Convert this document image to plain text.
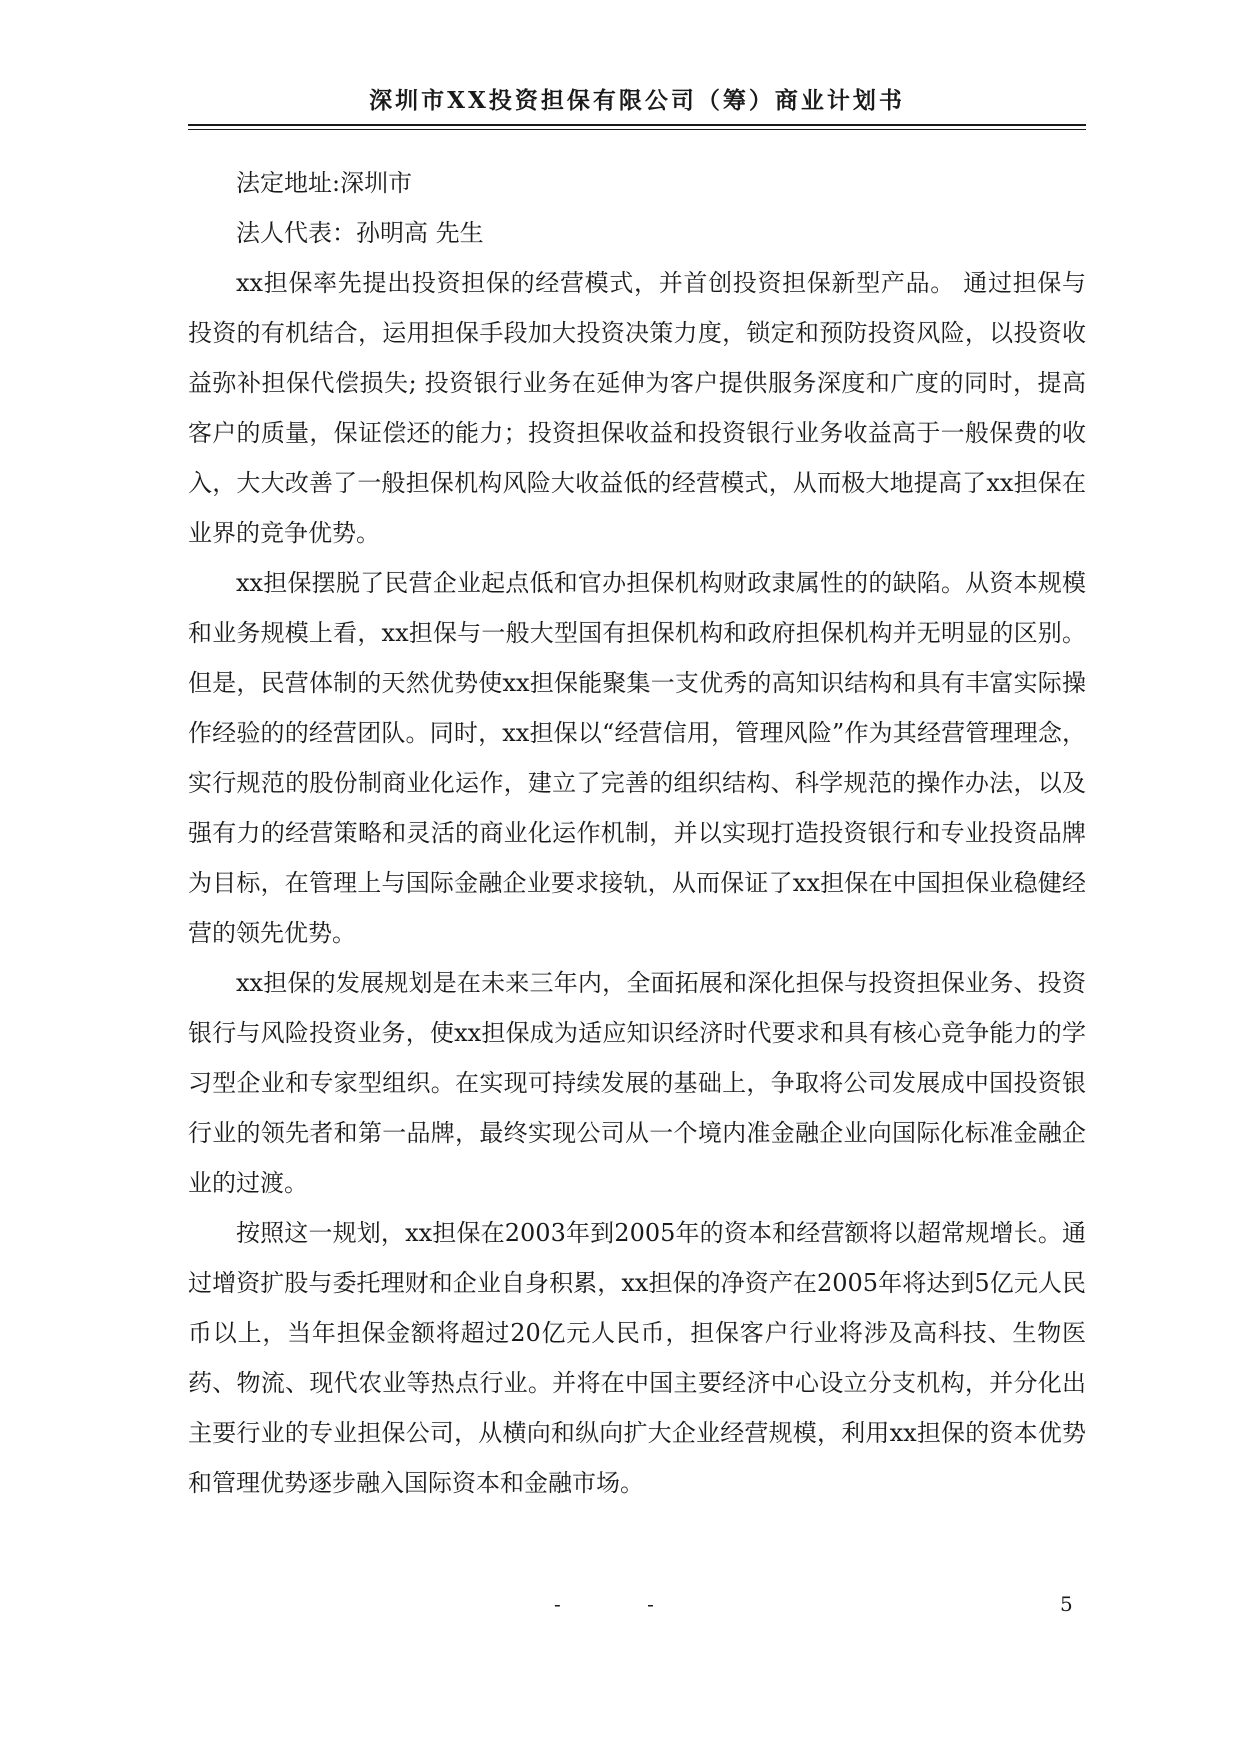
深圳市XX投资担保有限公司（筹）商业计划书

法定地址:深圳市

法人代表：孙明高 先生

xx担保率先提出投资担保的经营模式，并首创投资担保新型产品。 通过担保与投资的有机结合，运用担保手段加大投资决策力度，锁定和预防投资风险，以投资收益弥补担保代偿损失; 投资银行业务在延伸为客户提供服务深度和广度的同时，提高客户的质量，保证偿还的能力；投资担保收益和投资银行业务收益高于一般保费的收入，大大改善了一般担保机构风险大收益低的经营模式，从而极大地提高了xx担保在业界的竞争优势。

xx担保摆脱了民营企业起点低和官办担保机构财政隶属性的的缺陷。从资本规模和业务规模上看，xx担保与一般大型国有担保机构和政府担保机构并无明显的区别。但是，民营体制的天然优势使xx担保能聚集一支优秀的高知识结构和具有丰富实际操作经验的的经营团队。同时，xx担保以“经营信用，管理风险”作为其经营管理理念，实行规范的股份制商业化运作，建立了完善的组织结构、科学规范的操作办法，以及强有力的经营策略和灵活的商业化运作机制，并以实现打造投资银行和专业投资品牌为目标，在管理上与国际金融企业要求接轨，从而保证了xx担保在中国担保业稳健经营的领先优势。

xx担保的发展规划是在未来三年内，全面拓展和深化担保与投资担保业务、投资银行与风险投资业务，使xx担保成为适应知识经济时代要求和具有核心竞争能力的学习型企业和专家型组织。在实现可持续发展的基础上，争取将公司发展成中国投资银行业的领先者和第一品牌，最终实现公司从一个境内准金融企业向国际化标准金融企业的过渡。

按照这一规划，xx担保在2003年到2005年的资本和经营额将以超常规增长。通过增资扩股与委托理财和企业自身积累，xx担保的净资产在2005年将达到5亿元人民币以上，当年担保金额将超过20亿元人民币，担保客户行业将涉及高科技、生物医药、物流、现代农业等热点行业。并将在中国主要经济中心设立分支机构，并分化出主要行业的专业担保公司，从横向和纵向扩大企业经营规模，利用xx担保的资本优势和管理优势逐步融入国际资本和金融市场。

- -	5
